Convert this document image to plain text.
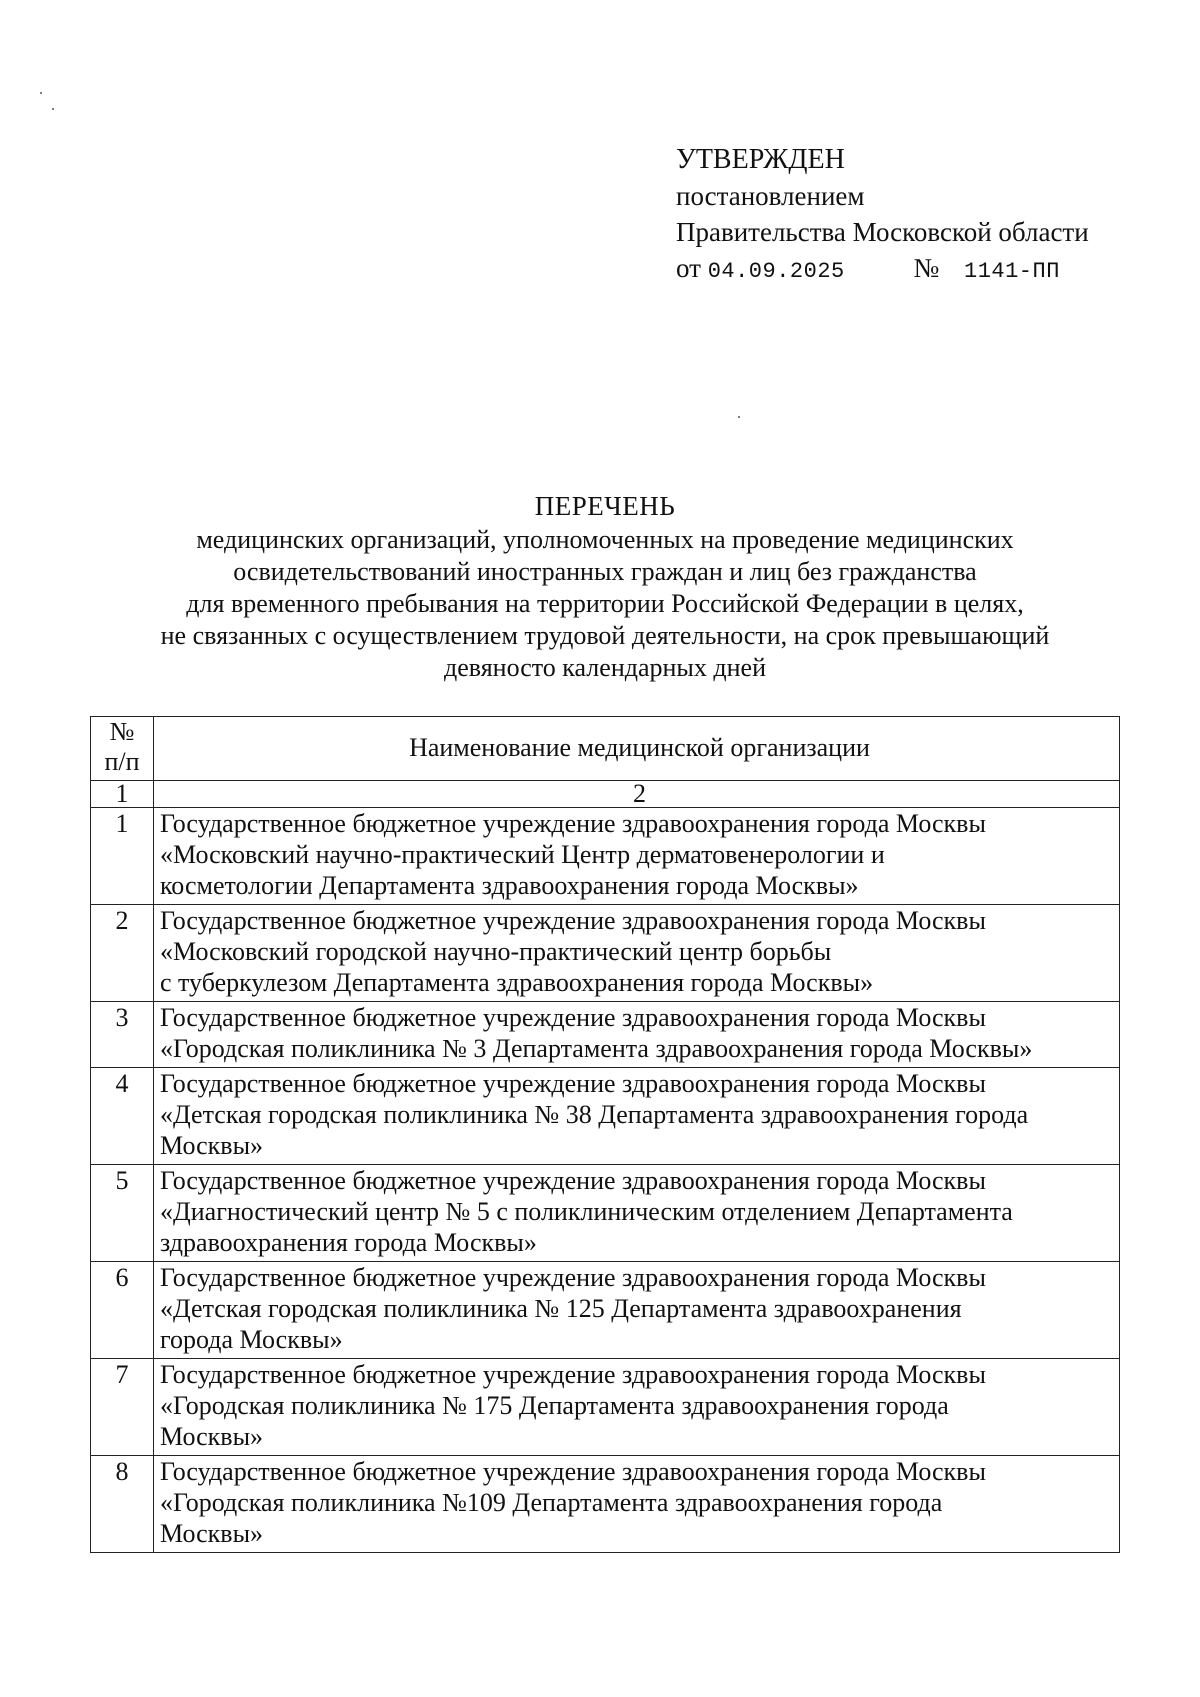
УТВЕРЖДЕН
постановлением
Правительства Московской области
от 04.09.2025	№ 1141-ПП
ПЕРЕЧЕНЬ
медицинских организаций, уполномоченных на проведение медицинских
освидетельствований иностранных граждан и лиц без гражданства
для временного пребывания на территории Российской Федерации в целях,
не связанных с осуществлением трудовой деятельности, на срок превышающий
девяносто календарных дней
№
п/п	Наименование медицинской организации
1	2
1	Государственное бюджетное учреждение здравоохранения города Москвы
«Московский научно-практический Центр дерматовенерологии и
косметологии Департамента здравоохранения города Москвы»

2	Государственное бюджетное учреждение здравоохранения города Москвы
«Московский городской научно-практический центр борьбы
с туберкулезом Департамента здравоохранения города Москвы»

3	Государственное бюджетное учреждение здравоохранения города Москвы
«Городская поликлиника № 3 Департамента здравоохранения города Москвы»

4	Государственное бюджетное учреждение здравоохранения города Москвы
«Детская городская поликлиника № 38 Департамента здравоохранения города
Москвы»

5	Государственное бюджетное учреждение здравоохранения города Москвы
«Диагностический центр № 5 с поликлиническим отделением Департамента
здравоохранения города Москвы»

6	Государственное бюджетное учреждение здравоохранения города Москвы
«Детская городская поликлиника № 125 Департамента здравоохранения
города Москвы»

7	Государственное бюджетное учреждение здравоохранения города Москвы
«Городская поликлиника № 175 Департамента здравоохранения города
Москвы»

8	Государственное бюджетное учреждение здравоохранения города Москвы
«Городская поликлиника №109 Департамента здравоохранения города
Москвы»
